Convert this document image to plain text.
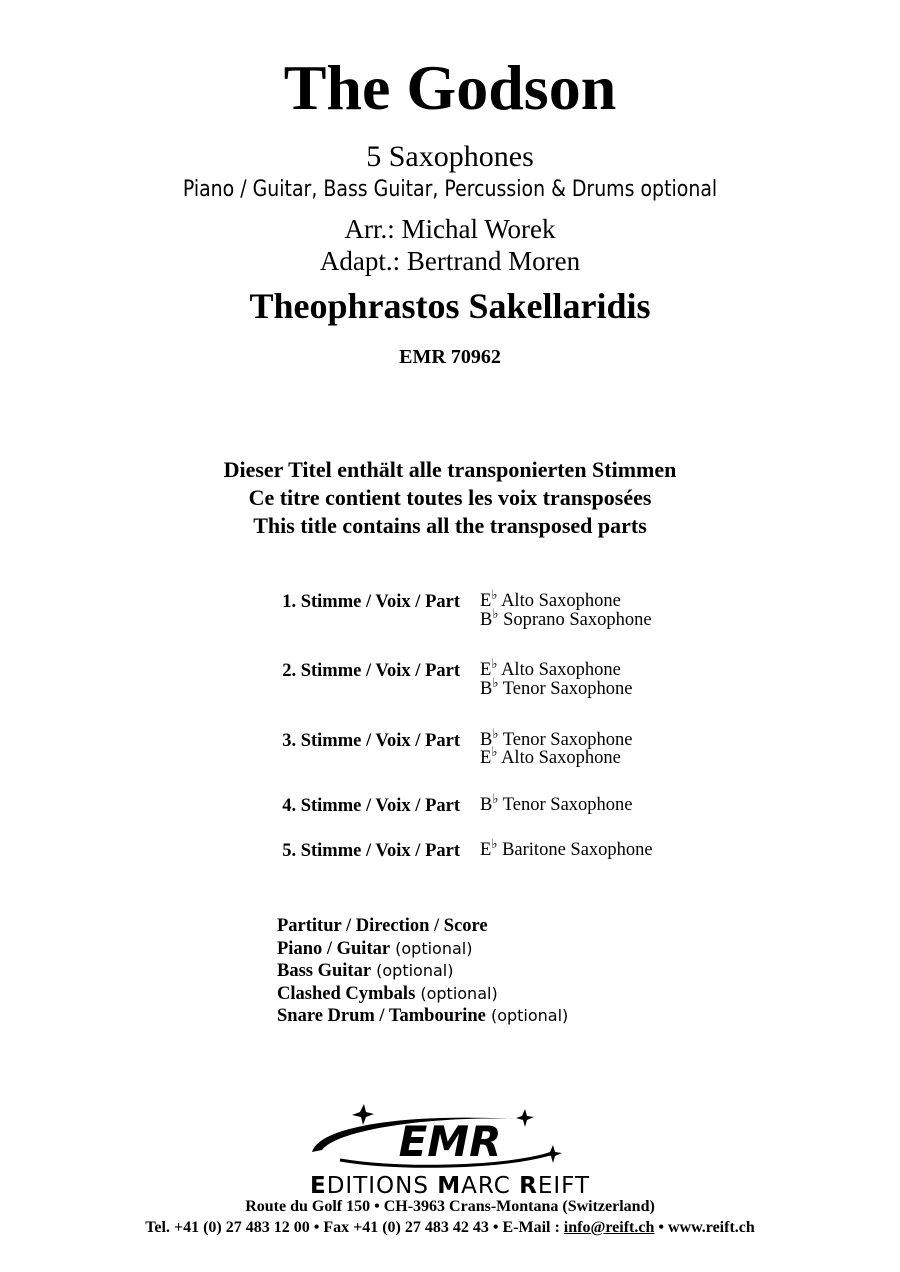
The Godson
5 Saxophones
Piano / Guitar, Bass Guitar, Percussion & Drums optional
Arr.: Michal Worek
Adapt.: Bertrand Moren
Theophrastos Sakellaridis
EMR 70962
Dieser Titel enthält alle transponierten Stimmen
Ce titre contient toutes les voix transposées
This title contains all the transposed parts
1. Stimme / Voix / Part E♭ Alto Saxophone
B♭ Soprano Saxophone
2. Stimme / Voix / Part E♭ Alto Saxophone
B♭ Tenor Saxophone
3. Stimme / Voix / Part B♭ Tenor Saxophone
E♭ Alto Saxophone
4. Stimme / Voix / Part B♭ Tenor Saxophone
5. Stimme / Voix / Part E♭ Baritone Saxophone
Partitur / Direction / Score
Piano / Guitar (optional)
Bass Guitar (optional)
Clashed Cymbals (optional)
Snare Drum / Tambourine (optional)
EMR
EDITIONS MARC REIFT
Route du Golf 150 • CH-3963 Crans-Montana (Switzerland)
Tel. +41 (0) 27 483 12 00 • Fax +41 (0) 27 483 42 43 • E-Mail : info@reift.ch • www.reift.ch
